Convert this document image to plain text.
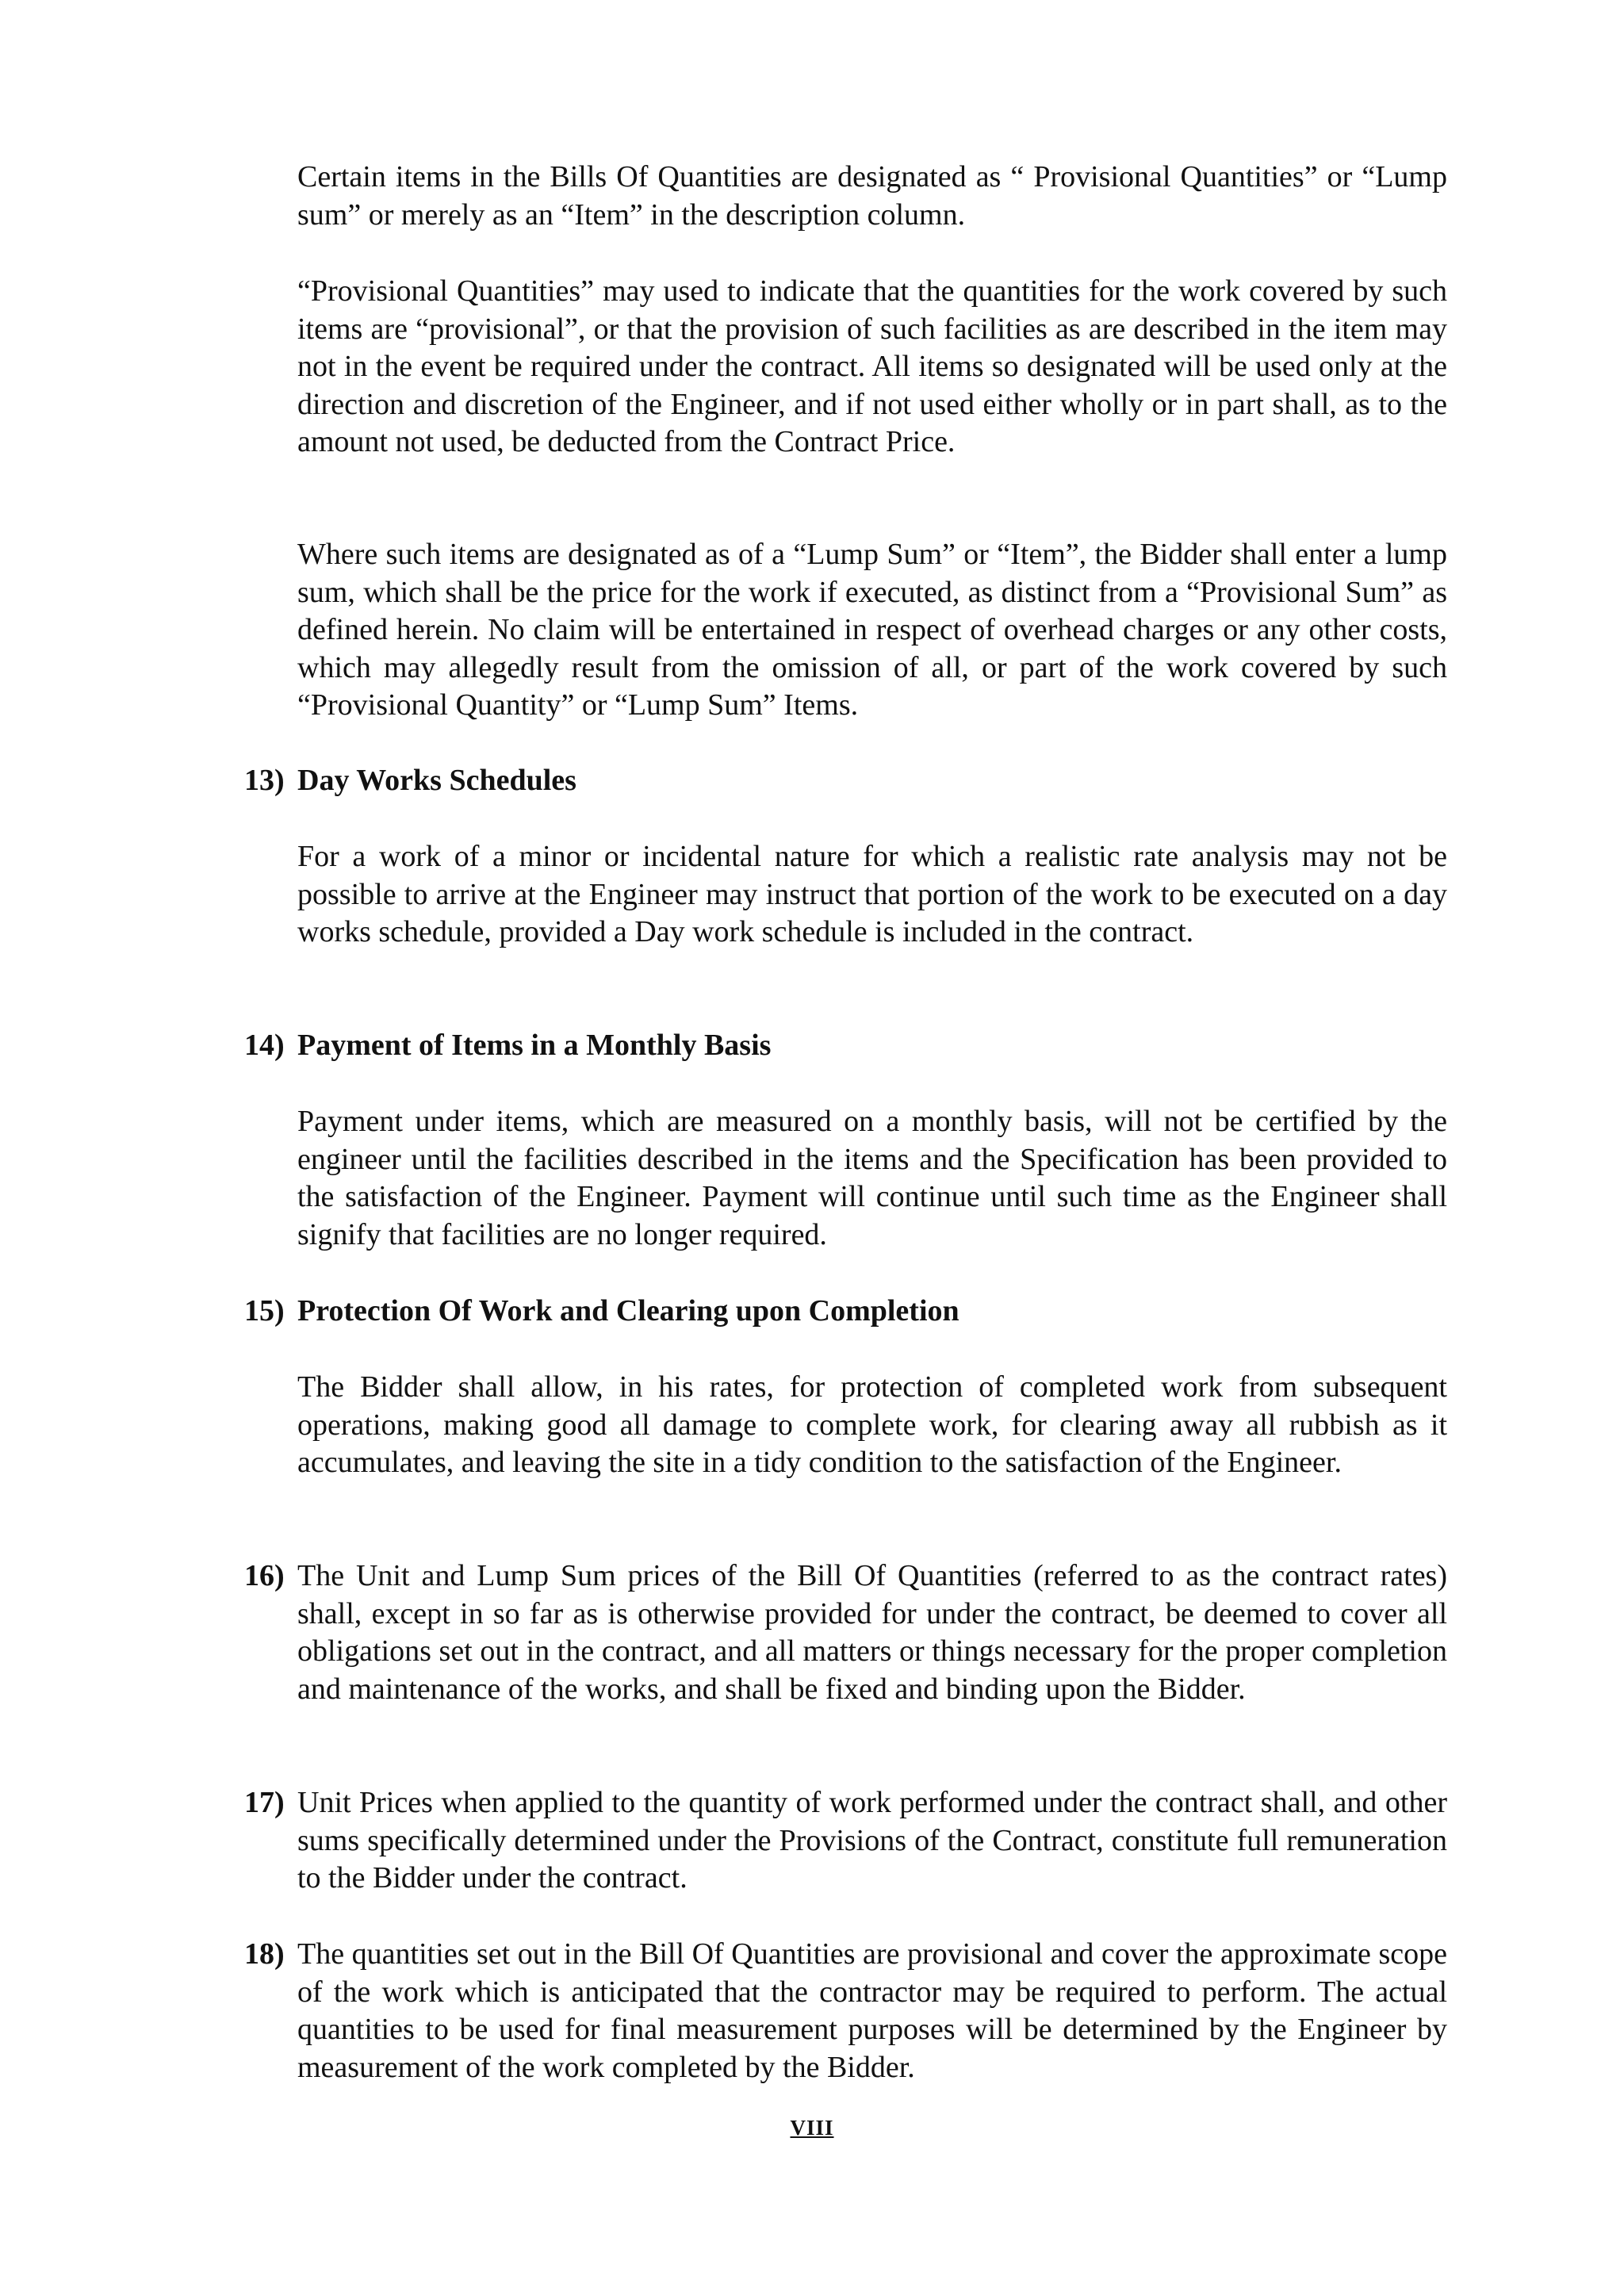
Certain items in the Bills Of Quantities are designated as “ Provisional Quantities” or “Lump sum” or merely as an “Item” in the description column.

“Provisional Quantities” may used to indicate that the quantities for the work covered by such items are “provisional”, or that the provision of such facilities as are described in the item may not in the event be required under the contract. All items so designated will be used only at the direction and discretion of the Engineer, and if not used either wholly or in part shall, as to the amount not used, be deducted from the Contract Price.

Where such items are designated as of a “Lump Sum” or “Item”, the Bidder shall enter a lump sum, which shall be the price for the work if executed, as distinct from a “Provisional Sum” as defined herein. No claim will be entertained in respect of overhead charges or any other costs, which may allegedly result from the omission of all, or part of the work covered by such “Provisional Quantity” or “Lump Sum” Items.

13) Day Works Schedules

For a work of a minor or incidental nature for which a realistic rate analysis may not be possible to arrive at the Engineer may instruct that portion of the work to be executed on a day works schedule, provided a Day work schedule is included in the contract.

14) Payment of Items in a Monthly Basis

Payment under items, which are measured on a monthly basis, will not be certified by the engineer until the facilities described in the items and the Specification has been provided to the satisfaction of the Engineer. Payment will continue until such time as the Engineer shall signify that facilities are no longer required.

15) Protection Of Work and Clearing upon Completion

The Bidder shall allow, in his rates, for protection of completed work from subsequent operations, making good all damage to complete work, for clearing away all rubbish as it accumulates, and leaving the site in a tidy condition to the satisfaction of the Engineer.

16) The Unit and Lump Sum prices of the Bill Of Quantities (referred to as the contract rates) shall, except in so far as is otherwise provided for under the contract, be deemed to cover all obligations set out in the contract, and all matters or things necessary for the proper completion and maintenance of the works, and shall be fixed and binding upon the Bidder.

17) Unit Prices when applied to the quantity of work performed under the contract shall, and other sums specifically determined under the Provisions of the Contract, constitute full remuneration to the Bidder under the contract.

18) The quantities set out in the Bill Of Quantities are provisional and cover the approximate scope of the work which is anticipated that the contractor may be required to perform. The actual quantities to be used for final measurement purposes will be determined by the Engineer by measurement of the work completed by the Bidder.

VIII
